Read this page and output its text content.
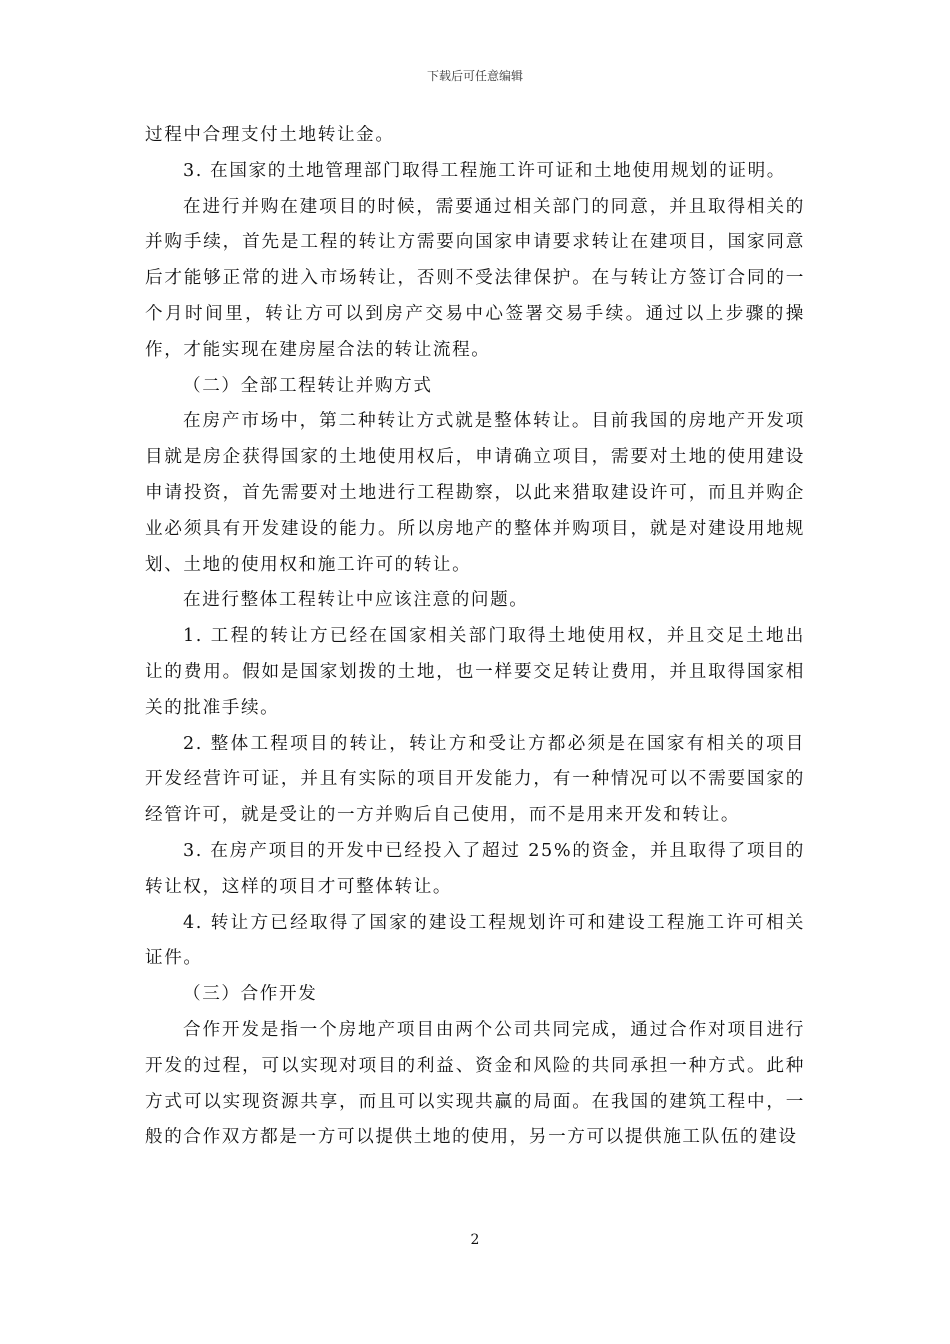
下载后可任意编辑

过程中合理支付土地转让金。

3. 在国家的土地管理部门取得工程施工许可证和土地使用规划的证明。

在进行并购在建项目的时候，需要通过相关部门的同意，并且取得相关的并购手续，首先是工程的转让方需要向国家申请要求转让在建项目，国家同意后才能够正常的进入市场转让，否则不受法律保护。在与转让方签订合同的一个月时间里，转让方可以到房产交易中心签署交易手续。通过以上步骤的操作，才能实现在建房屋合法的转让流程。

（二）全部工程转让并购方式

在房产市场中，第二种转让方式就是整体转让。目前我国的房地产开发项目就是房企获得国家的土地使用权后，申请确立项目，需要对土地的使用建设申请投资，首先需要对土地进行工程勘察，以此来猎取建设许可，而且并购企业必须具有开发建设的能力。所以房地产的整体并购项目，就是对建设用地规划、土地的使用权和施工许可的转让。

在进行整体工程转让中应该注意的问题。

1. 工程的转让方已经在国家相关部门取得土地使用权，并且交足土地出让的费用。假如是国家划拨的土地，也一样要交足转让费用，并且取得国家相关的批准手续。

2. 整体工程项目的转让，转让方和受让方都必须是在国家有相关的项目开发经营许可证，并且有实际的项目开发能力，有一种情况可以不需要国家的经管许可，就是受让的一方并购后自己使用，而不是用来开发和转让。

3. 在房产项目的开发中已经投入了超过 25%的资金，并且取得了项目的转让权，这样的项目才可整体转让。

4. 转让方已经取得了国家的建设工程规划许可和建设工程施工许可相关证件。

（三）合作开发

合作开发是指一个房地产项目由两个公司共同完成，通过合作对项目进行开发的过程，可以实现对项目的利益、资金和风险的共同承担一种方式。此种方式可以实现资源共享，而且可以实现共赢的局面。在我国的建筑工程中，一般的合作双方都是一方可以提供土地的使用，另一方可以提供施工队伍的建设

2
